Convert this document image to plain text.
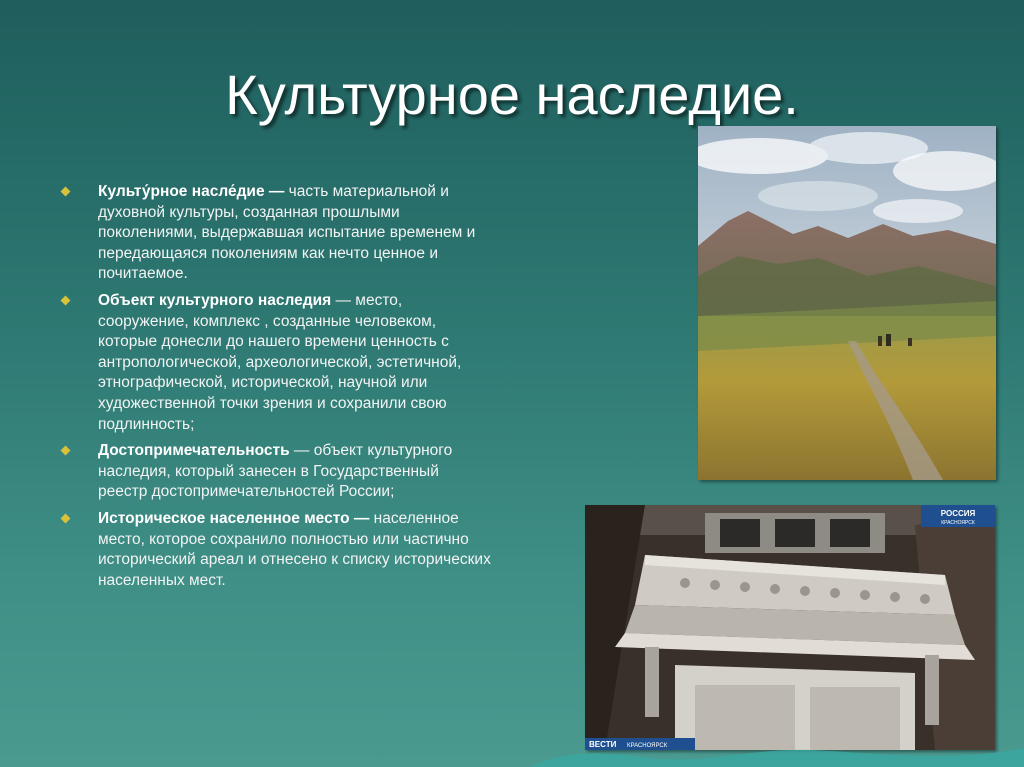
Культурное наследие.
Культу́рное насле́дие — часть материальной и духовной культуры, созданная прошлыми поколениями, выдержавшая испытание временем и передающаяся поколениям как нечто ценное и почитаемое.
Объект культурного наследия — место, сооружение, комплекс , созданные человеком, которые донесли до нашего времени ценность с антропологической, археологической, эстетичной, этнографической, исторической, научной или художественной точки зрения и сохранили свою подлинность;
Достопримечательность — объект культурного наследия, который занесен в Государственный реестр достопримечательностей России;
Историческое населенное место — населенное место, которое сохранило полностью или частично исторический ареал и отнесено к списку исторических населенных мест.
РОССИЯ
КРАСНОЯРСК
ВЕСТИ КРАСНОЯРСК
